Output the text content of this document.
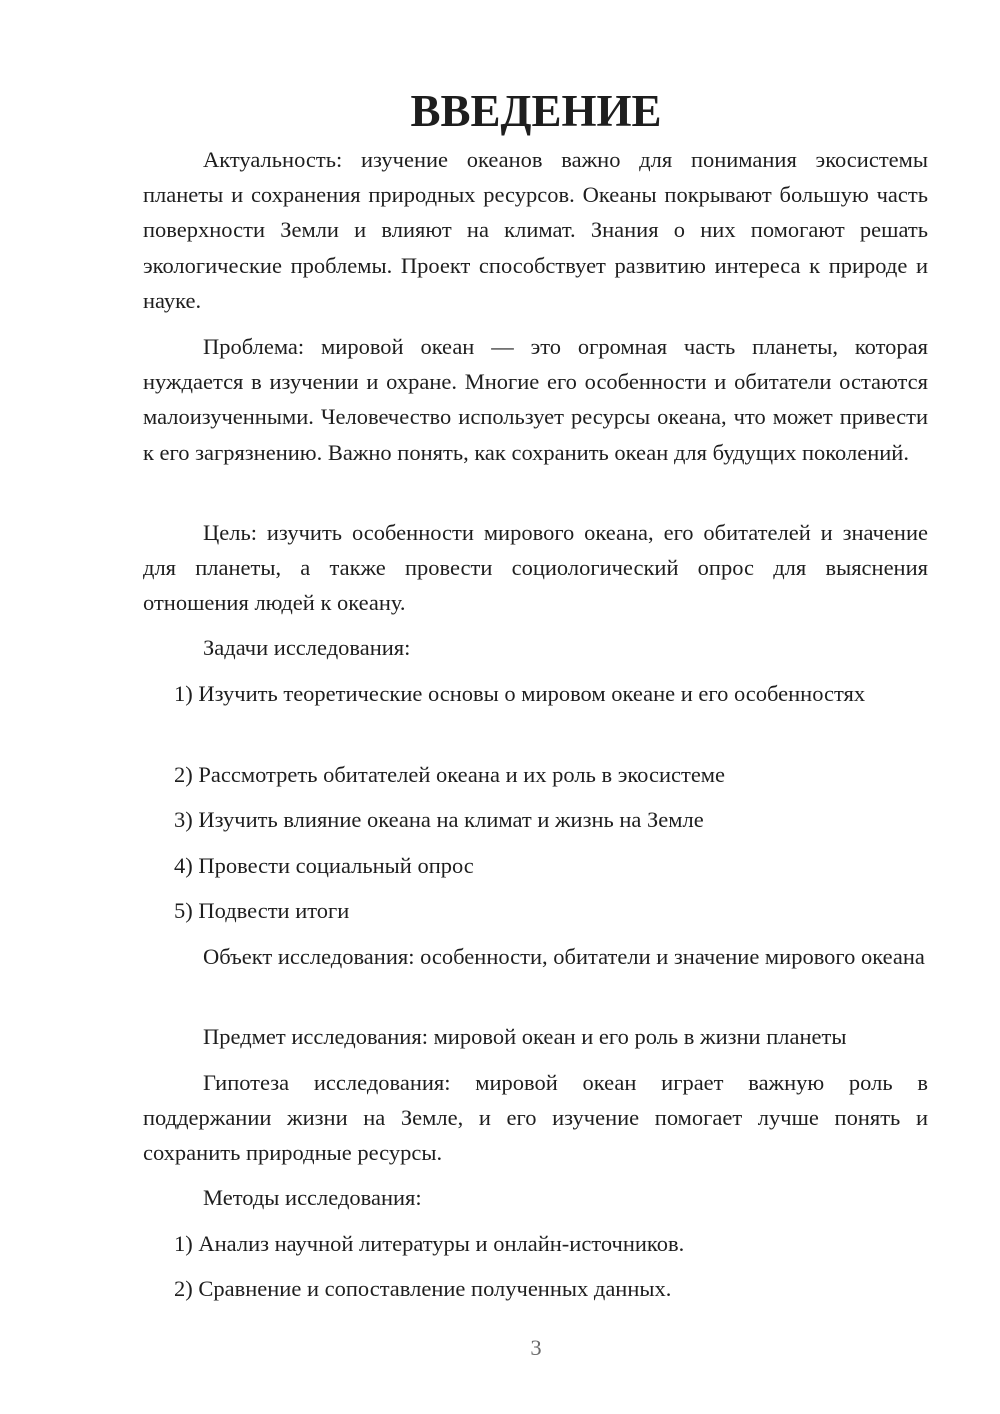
ВВЕДЕНИЕ

Актуальность: изучение океанов важно для понимания экосистемы планеты и сохранения природных ресурсов. Океаны покрывают большую часть поверхности Земли и влияют на климат. Знания о них помогают решать экологические проблемы. Проект способствует развитию интереса к природе и науке.

Проблема: мировой океан — это огромная часть планеты, которая нуждается в изучении и охране. Многие его особенности и обитатели остаются малоизученными. Человечество использует ресурсы океана, что может привести к его загрязнению. Важно понять, как сохранить океан для будущих поколений.

Цель: изучить особенности мирового океана, его обитателей и значение для планеты, а также провести социологический опрос для выяснения отношения людей к океану.

Задачи исследования:

1) Изучить теоретические основы о мировом океане и его особенностях

2) Рассмотреть обитателей океана и их роль в экосистеме

3) Изучить влияние океана на климат и жизнь на Земле

4) Провести социальный опрос

5) Подвести итоги

Объект исследования: особенности, обитатели и значение мирового океана

Предмет исследования: мировой океан и его роль в жизни планеты

Гипотеза исследования: мировой океан играет важную роль в поддержании жизни на Земле, и его изучение помогает лучше понять и сохранить природные ресурсы.

Методы исследования:

1) Анализ научной литературы и онлайн-источников.

2) Сравнение и сопоставление полученных данных.

3
